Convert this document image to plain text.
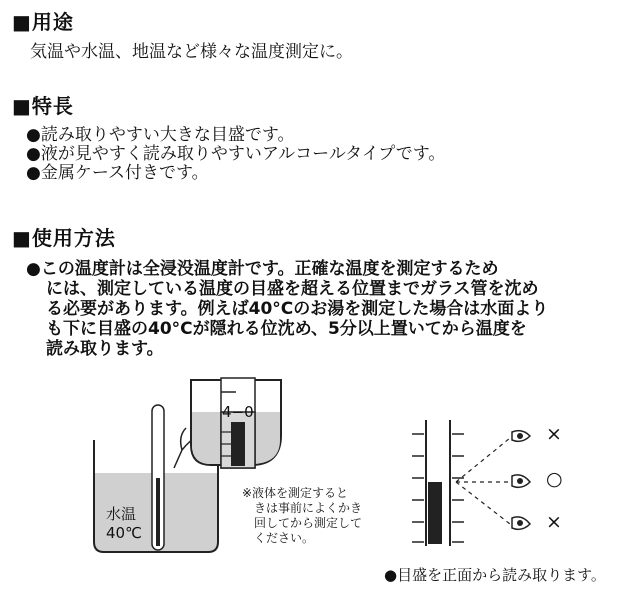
■用途
気温や水温、地温など様々な温度測定に。
■特長
●読み取りやすい大きな目盛です。
●液が見やすく読み取りやすいアルコールタイプです。
●金属ケース付きです。
■使用方法
●この温度計は全浸没温度計です。正確な温度を測定するため
には、測定している温度の目盛を超える位置までガラス管を沈め
る必要があります。例えば40°Cのお湯を測定した場合は水面より
も下に目盛の40°Cが隠れる位沈め、5分以上置いてから温度を
読み取ります。
4−0
水温
40℃
※液体を測定すると
きは事前によくかき
回してから測定して
ください。
×
○
×
●目盛を正面から読み取ります。
